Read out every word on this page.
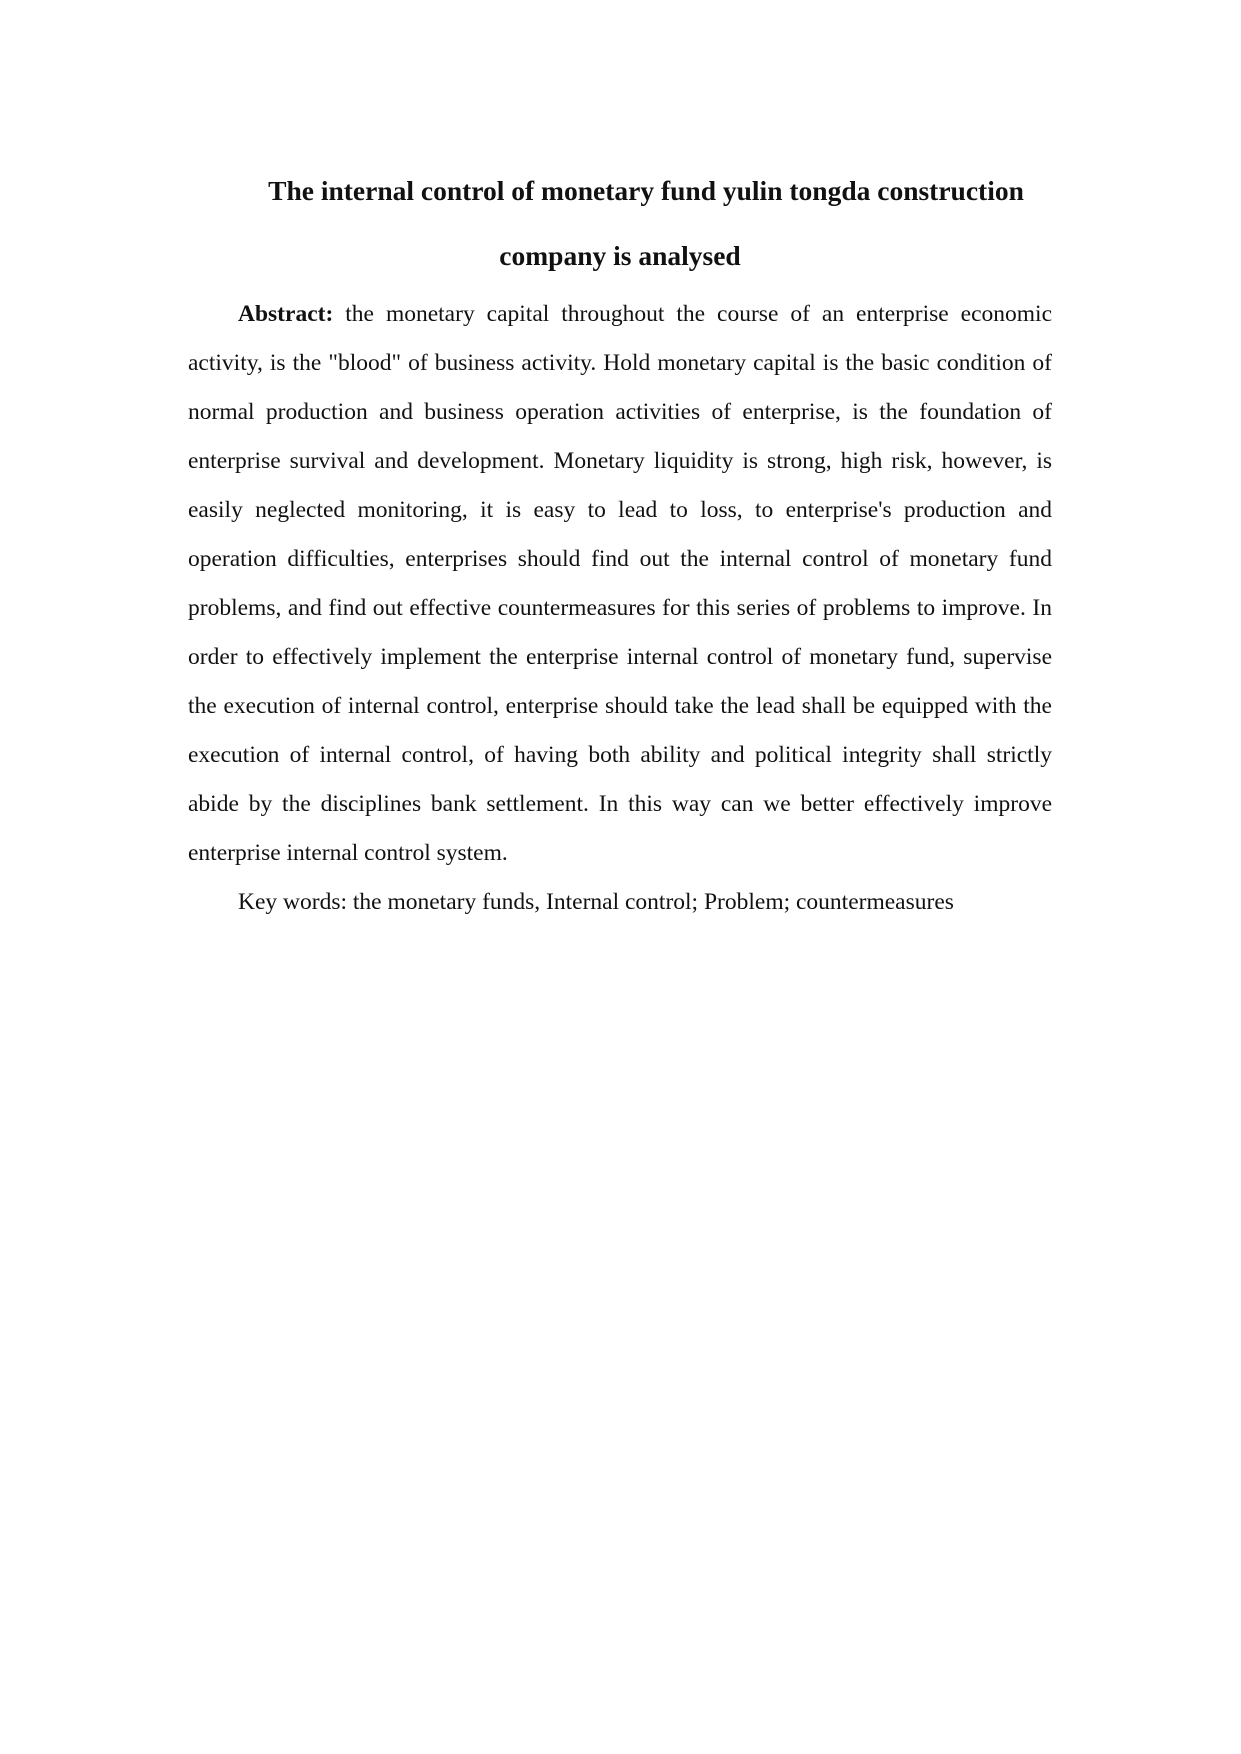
The internal control of monetary fund yulin tongda construction company is analysed

Abstract: the monetary capital throughout the course of an enterprise economic activity, is the "blood" of business activity. Hold monetary capital is the basic condition of normal production and business operation activities of enterprise, is the foundation of enterprise survival and development. Monetary liquidity is strong, high risk, however, is easily neglected monitoring, it is easy to lead to loss, to enterprise's production and operation difficulties, enterprises should find out the internal control of monetary fund problems, and find out effective countermeasures for this series of problems to improve. In order to effectively implement the enterprise internal control of monetary fund, supervise the execution of internal control, enterprise should take the lead shall be equipped with the execution of internal control, of having both ability and political integrity shall strictly abide by the disciplines bank settlement. In this way can we better effectively improve enterprise internal control system.

Key words: the monetary funds, Internal control; Problem; countermeasures
